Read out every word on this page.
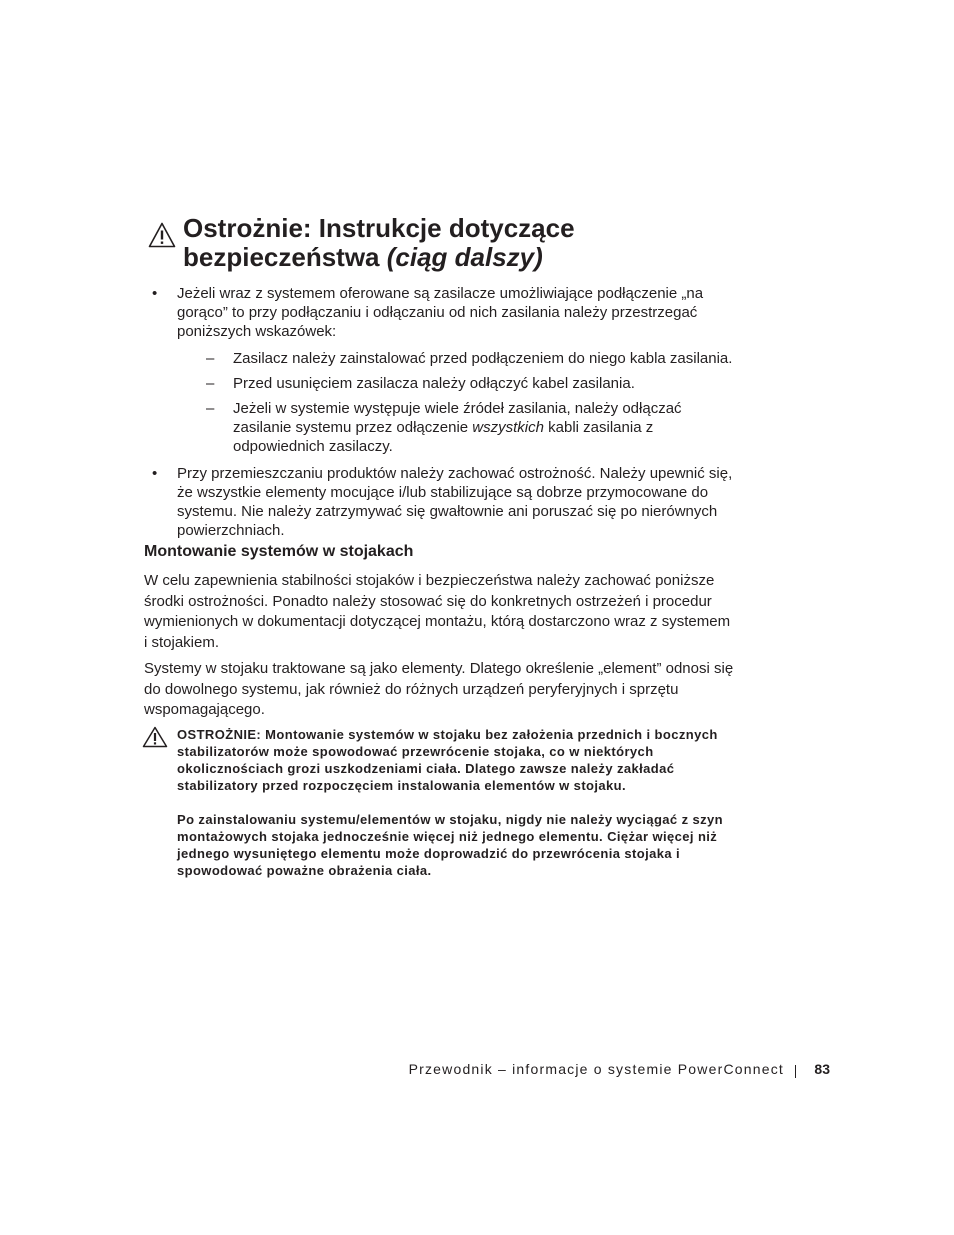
Ostrożnie: Instrukcje dotyczące
bezpieczeństwa (ciąg dalszy)
• Jeżeli wraz z systemem oferowane są zasilacze umożliwiające podłączenie „na gorąco” to przy podłączaniu i odłączaniu od nich zasilania należy przestrzegać poniższych wskazówek:
– Zasilacz należy zainstalować przed podłączeniem do niego kabla zasilania.
– Przed usunięciem zasilacza należy odłączyć kabel zasilania.
– Jeżeli w systemie występuje wiele źródeł zasilania, należy odłączać zasilanie systemu przez odłączenie wszystkich kabli zasilania z odpowiednich zasilaczy.
• Przy przemieszczaniu produktów należy zachować ostrożność. Należy upewnić się, że wszystkie elementy mocujące i/lub stabilizujące są dobrze przymocowane do systemu. Nie należy zatrzymywać się gwałtownie ani poruszać się po nierównych powierzchniach.
Montowanie systemów w stojakach
W celu zapewnienia stabilności stojaków i bezpieczeństwa należy zachować poniższe środki ostrożności. Ponadto należy stosować się do konkretnych ostrzeżeń i procedur wymienionych w dokumentacji dotyczącej montażu, którą dostarczono wraz z systemem i stojakiem.
Systemy w stojaku traktowane są jako elementy. Dlatego określenie „element” odnosi się do dowolnego systemu, jak również do różnych urządzeń peryferyjnych i sprzętu wspomagającego.
OSTROŻNIE: Montowanie systemów w stojaku bez założenia przednich i bocznych stabilizatorów może spowodować przewrócenie stojaka, co w niektórych okolicznościach grozi uszkodzeniami ciała. Dlatego zawsze należy zakładać stabilizatory przed rozpoczęciem instalowania elementów w stojaku.
Po zainstalowaniu systemu/elementów w stojaku, nigdy nie należy wyciągać z szyn montażowych stojaka jednocześnie więcej niż jednego elementu. Ciężar więcej niż jednego wysuniętego elementu może doprowadzić do przewrócenia stojaka i spowodować poważne obrażenia ciała.
Przewodnik – informacje o systemie PowerConnect 83
